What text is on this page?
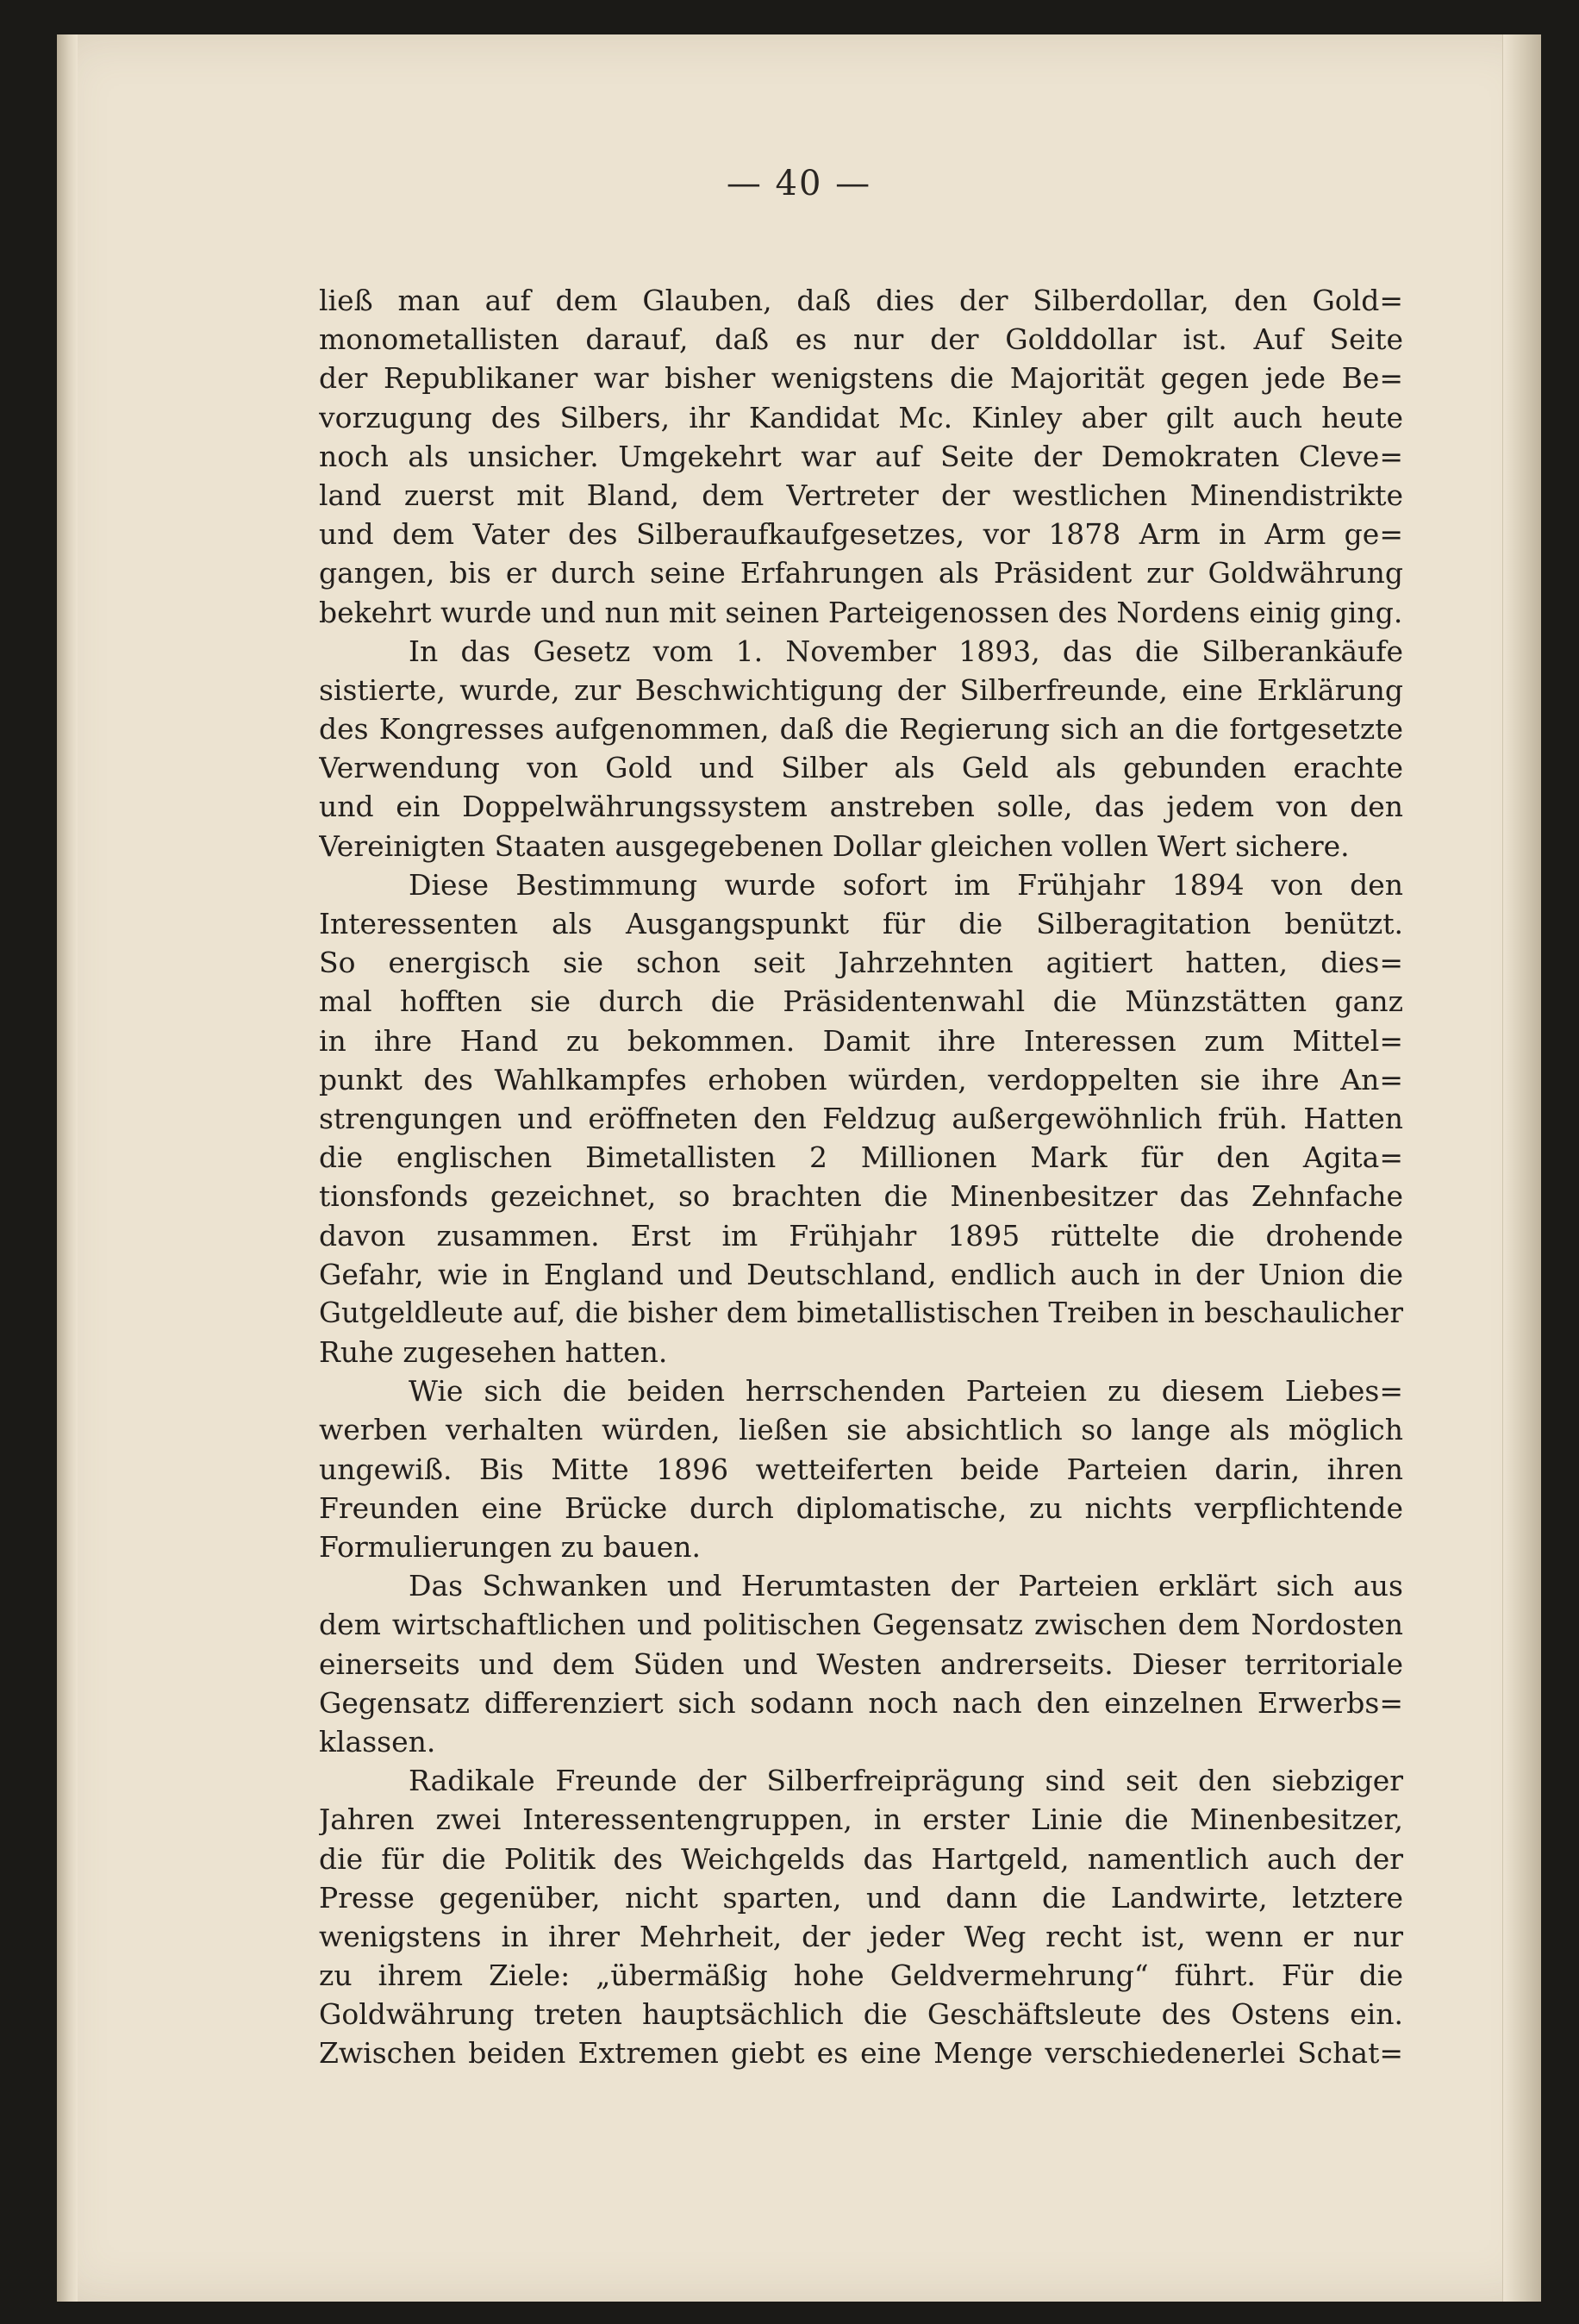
— 40 —
ließ man auf dem Glauben, daß dies der Silberdollar, den Gold=
monometallisten darauf, daß es nur der Golddollar ist. Auf Seite
der Republikaner war bisher wenigstens die Majorität gegen jede Be=
vorzugung des Silbers, ihr Kandidat Mc. Kinley aber gilt auch heute
noch als unsicher. Umgekehrt war auf Seite der Demokraten Cleve=
land zuerst mit Bland, dem Vertreter der westlichen Minendistrikte
und dem Vater des Silberaufkaufgesetzes, vor 1878 Arm in Arm ge=
gangen, bis er durch seine Erfahrungen als Präsident zur Goldwährung
bekehrt wurde und nun mit seinen Parteigenossen des Nordens einig ging.
In das Gesetz vom 1. November 1893, das die Silberankäufe
sistierte, wurde, zur Beschwichtigung der Silberfreunde, eine Erklärung
des Kongresses aufgenommen, daß die Regierung sich an die fortgesetzte
Verwendung von Gold und Silber als Geld als gebunden erachte
und ein Doppelwährungssystem anstreben solle, das jedem von den
Vereinigten Staaten ausgegebenen Dollar gleichen vollen Wert sichere.
Diese Bestimmung wurde sofort im Frühjahr 1894 von den
Interessenten als Ausgangspunkt für die Silberagitation benützt.
So energisch sie schon seit Jahrzehnten agitiert hatten, dies=
mal hofften sie durch die Präsidentenwahl die Münzstätten ganz
in ihre Hand zu bekommen. Damit ihre Interessen zum Mittel=
punkt des Wahlkampfes erhoben würden, verdoppelten sie ihre An=
strengungen und eröffneten den Feldzug außergewöhnlich früh. Hatten
die englischen Bimetallisten 2 Millionen Mark für den Agita=
tionsfonds gezeichnet, so brachten die Minenbesitzer das Zehnfache
davon zusammen. Erst im Frühjahr 1895 rüttelte die drohende
Gefahr, wie in England und Deutschland, endlich auch in der Union die
Gutgeldleute auf, die bisher dem bimetallistischen Treiben in beschaulicher
Ruhe zugesehen hatten.
Wie sich die beiden herrschenden Parteien zu diesem Liebes=
werben verhalten würden, ließen sie absichtlich so lange als möglich
ungewiß. Bis Mitte 1896 wetteiferten beide Parteien darin, ihren
Freunden eine Brücke durch diplomatische, zu nichts verpflichtende
Formulierungen zu bauen.
Das Schwanken und Herumtasten der Parteien erklärt sich aus
dem wirtschaftlichen und politischen Gegensatz zwischen dem Nordosten
einerseits und dem Süden und Westen andrerseits. Dieser territoriale
Gegensatz differenziert sich sodann noch nach den einzelnen Erwerbs=
klassen.
Radikale Freunde der Silberfreiprägung sind seit den siebziger
Jahren zwei Interessentengruppen, in erster Linie die Minenbesitzer,
die für die Politik des Weichgelds das Hartgeld, namentlich auch der
Presse gegenüber, nicht sparten, und dann die Landwirte, letztere
wenigstens in ihrer Mehrheit, der jeder Weg recht ist, wenn er nur
zu ihrem Ziele: „übermäßig hohe Geldvermehrung“ führt. Für die
Goldwährung treten hauptsächlich die Geschäftsleute des Ostens ein.
Zwischen beiden Extremen giebt es eine Menge verschiedenerlei Schat=
